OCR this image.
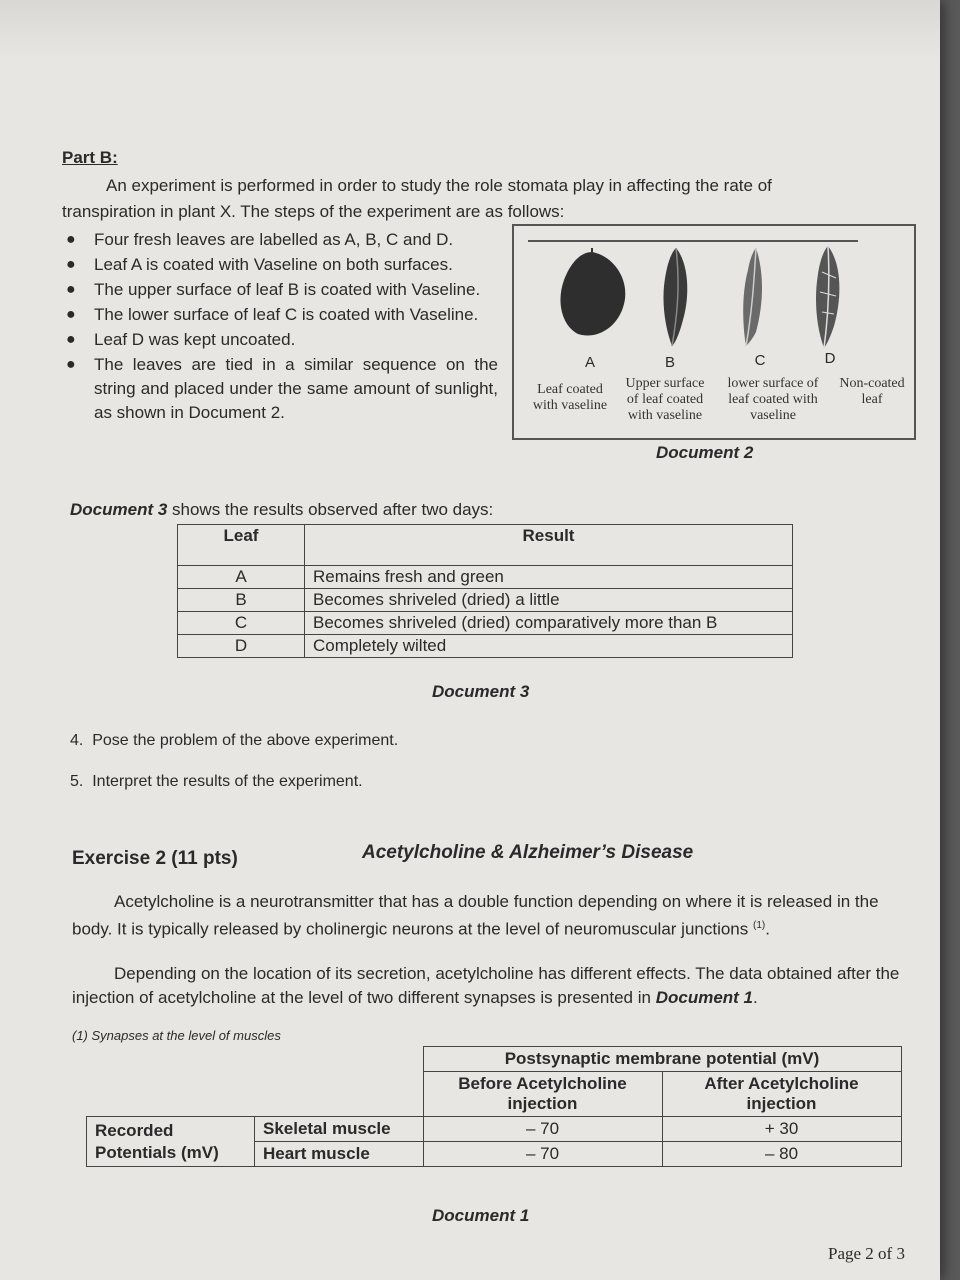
Part B:
An experiment is performed in order to study the role stomata play in affecting the rate of
transpiration in plant X. The steps of the experiment are as follows:
● Four fresh leaves are labelled as A, B, C and D.
● Leaf A is coated with Vaseline on both surfaces.
● The upper surface of leaf B is coated with Vaseline.
● The lower surface of leaf C is coated with Vaseline.
● Leaf D was kept uncoated.
● The leaves are tied in a similar sequence on the string and placed under the same amount of sunlight, as shown in Document 2.
A	B	C	D
Leaf coated with vaseline
Upper surface of leaf coated with vaseline
lower surface of leaf coated with vaseline
Non-coated leaf
Document 2
Document 3 shows the results observed after two days:
Leaf	Result
A	Remains fresh and green
B	Becomes shriveled (dried) a little
C	Becomes shriveled (dried) comparatively more than B
D	Completely wilted
Document 3
4. Pose the problem of the above experiment.
5. Interpret the results of the experiment.
Exercise 2 (11 pts)	Acetylcholine & Alzheimer’s Disease
Acetylcholine is a neurotransmitter that has a double function depending on where it is released in the body. It is typically released by cholinergic neurons at the level of neuromuscular junctions $^{(1)}$.
Depending on the location of its secretion, acetylcholine has different effects. The data obtained after the injection of acetylcholine at the level of two different synapses is presented in Document 1.
(1) Synapses at the level of muscles
		Postsynaptic membrane potential (mV)	
		Before Acetylcholine injection	After Acetylcholine injection
Recorded Potentials (mV)	Skeletal muscle	– 70	+ 30
	Heart muscle	– 70	– 80
Document 1
Page 2 of 3
